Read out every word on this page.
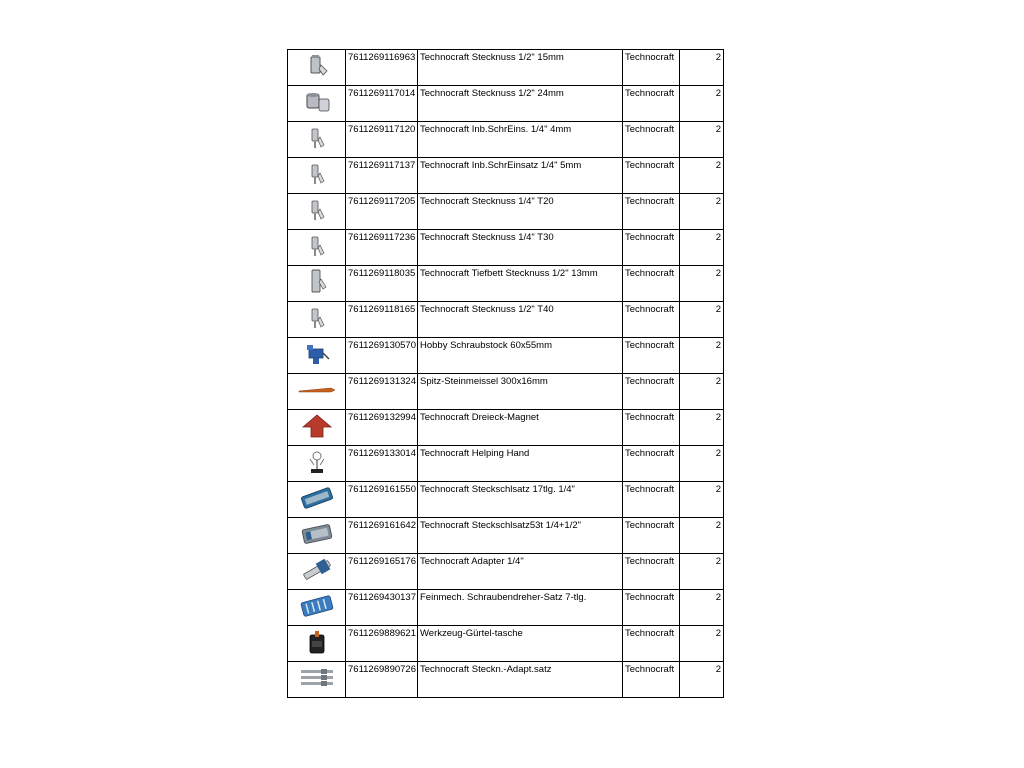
	7611269116963	Technocraft Stecknuss 1/2" 15mm	Technocraft	2

	7611269117014	Technocraft Stecknuss 1/2" 24mm	Technocraft	2

	7611269117120	Technocraft Inb.SchrEins. 1/4" 4mm	Technocraft	2

	7611269117137	Technocraft Inb.SchrEinsatz 1/4" 5mm	Technocraft	2

	7611269117205	Technocraft Stecknuss 1/4" T20	Technocraft	2

	7611269117236	Technocraft Stecknuss 1/4" T30	Technocraft	2

	7611269118035	Technocraft Tiefbett Stecknuss 1/2" 13mm	Technocraft	2

	7611269118165	Technocraft Stecknuss 1/2" T40	Technocraft	2

	7611269130570	Hobby Schraubstock 60x55mm	Technocraft	2

	7611269131324	Spitz-Steinmeissel 300x16mm	Technocraft	2

	7611269132994	Technocraft Dreieck-Magnet	Technocraft	2

	7611269133014	Technocraft Helping Hand	Technocraft	2

	7611269161550	Technocraft Steckschlsatz 17tlg. 1/4"	Technocraft	2

	7611269161642	Technocraft Steckschlsatz53t 1/4+1/2"	Technocraft	2

	7611269165176	Technocraft Adapter 1/4"	Technocraft	2

	7611269430137	Feinmech. Schraubendreher-Satz 7-tlg.	Technocraft	2

	7611269889621	Werkzeug-Gürtel-tasche	Technocraft	2

	7611269890726	Technocraft Steckn.-Adapt.satz	Technocraft	2
